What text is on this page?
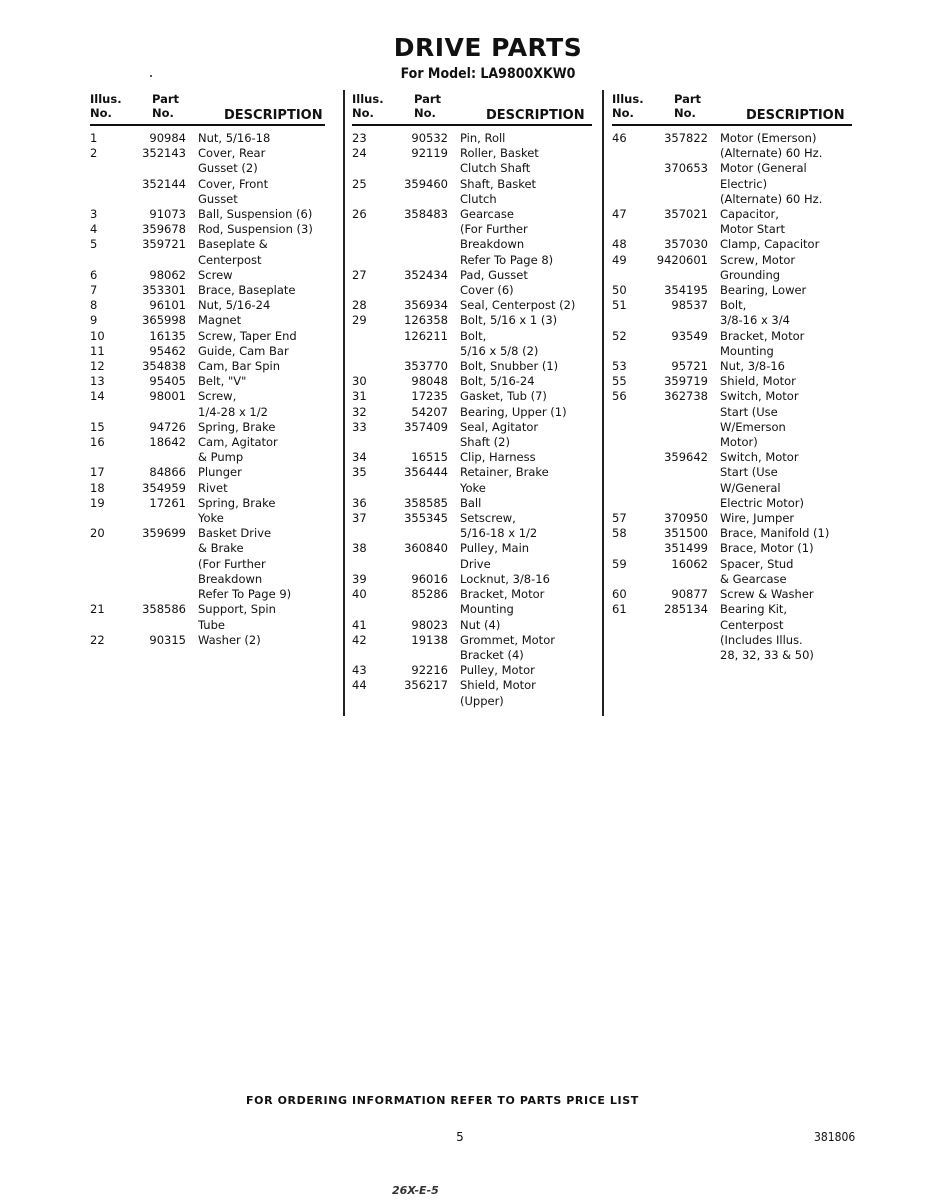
DRIVE PARTS
For Model: LA9800XKW0
Illus.
No.
Part
No.	DESCRIPTION
1	90984	Nut, 5/16-18
2	352143	Cover, Rear
Gusset (2)
352144	Cover, Front
Gusset
3	91073	Ball, Suspension (6)
4	359678	Rod, Suspension (3)
5	359721	Baseplate &
Centerpost
6	98062	Screw
7	353301	Brace, Baseplate
8	96101	Nut, 5/16-24
9	365998	Magnet
10	16135	Screw, Taper End
11	95462	Guide, Cam Bar
12	354838	Cam, Bar Spin
13	95405	Belt, "V"
14	98001	Screw,
1/4-28 x 1/2
15	94726	Spring, Brake
16	18642	Cam, Agitator
& Pump
17	84866	Plunger
18	354959	Rivet
19	17261	Spring, Brake
Yoke
20	359699	Basket Drive
& Brake
(For Further
Breakdown
Refer To Page 9)
21	358586	Support, Spin
Tube
22	90315	Washer (2)
Illus.
No.
Part
No.	DESCRIPTION
23	90532	Pin, Roll
24	92119	Roller, Basket
Clutch Shaft
25	359460	Shaft, Basket
Clutch
26	358483	Gearcase
(For Further
Breakdown
Refer To Page 8)
27	352434	Pad, Gusset
Cover (6)
28	356934	Seal, Centerpost (2)
29	126358	Bolt, 5/16 x 1 (3)
126211	Bolt,
5/16 x 5/8 (2)
353770	Bolt, Snubber (1)
30	98048	Bolt, 5/16-24
31	17235	Gasket, Tub (7)
32	54207	Bearing, Upper (1)
33	357409	Seal, Agitator
Shaft (2)
34	16515	Clip, Harness
35	356444	Retainer, Brake
Yoke
36	358585	Ball
37	355345	Setscrew,
5/16-18 x 1/2
38	360840	Pulley, Main
Drive
39	96016	Locknut, 3/8-16
40	85286	Bracket, Motor
Mounting
41	98023	Nut (4)
42	19138	Grommet, Motor
Bracket (4)
43	92216	Pulley, Motor
44	356217	Shield, Motor
(Upper)
Illus.
No.
Part
No.	DESCRIPTION
46	357822	Motor (Emerson)
(Alternate) 60 Hz.
370653	Motor (General
Electric)
(Alternate) 60 Hz.
47	357021	Capacitor,
Motor Start
48	357030	Clamp, Capacitor
49	9420601	Screw, Motor
Grounding
50	354195	Bearing, Lower
51	98537	Bolt,
3/8-16 x 3/4
52	93549	Bracket, Motor
Mounting
53	95721	Nut, 3/8-16
55	359719	Shield, Motor
56	362738	Switch, Motor
Start (Use
W/Emerson
Motor)
359642	Switch, Motor
Start (Use
W/General
Electric Motor)
57	370950	Wire, Jumper
58	351500	Brace, Manifold (1)
351499	Brace, Motor (1)
59	16062	Spacer, Stud
& Gearcase
60	90877	Screw & Washer
61	285134	Bearing Kit,
Centerpost
(Includes Illus.
28, 32, 33 & 50)
FOR ORDERING INFORMATION REFER TO PARTS PRICE LIST
5	381806
26X-E-5
